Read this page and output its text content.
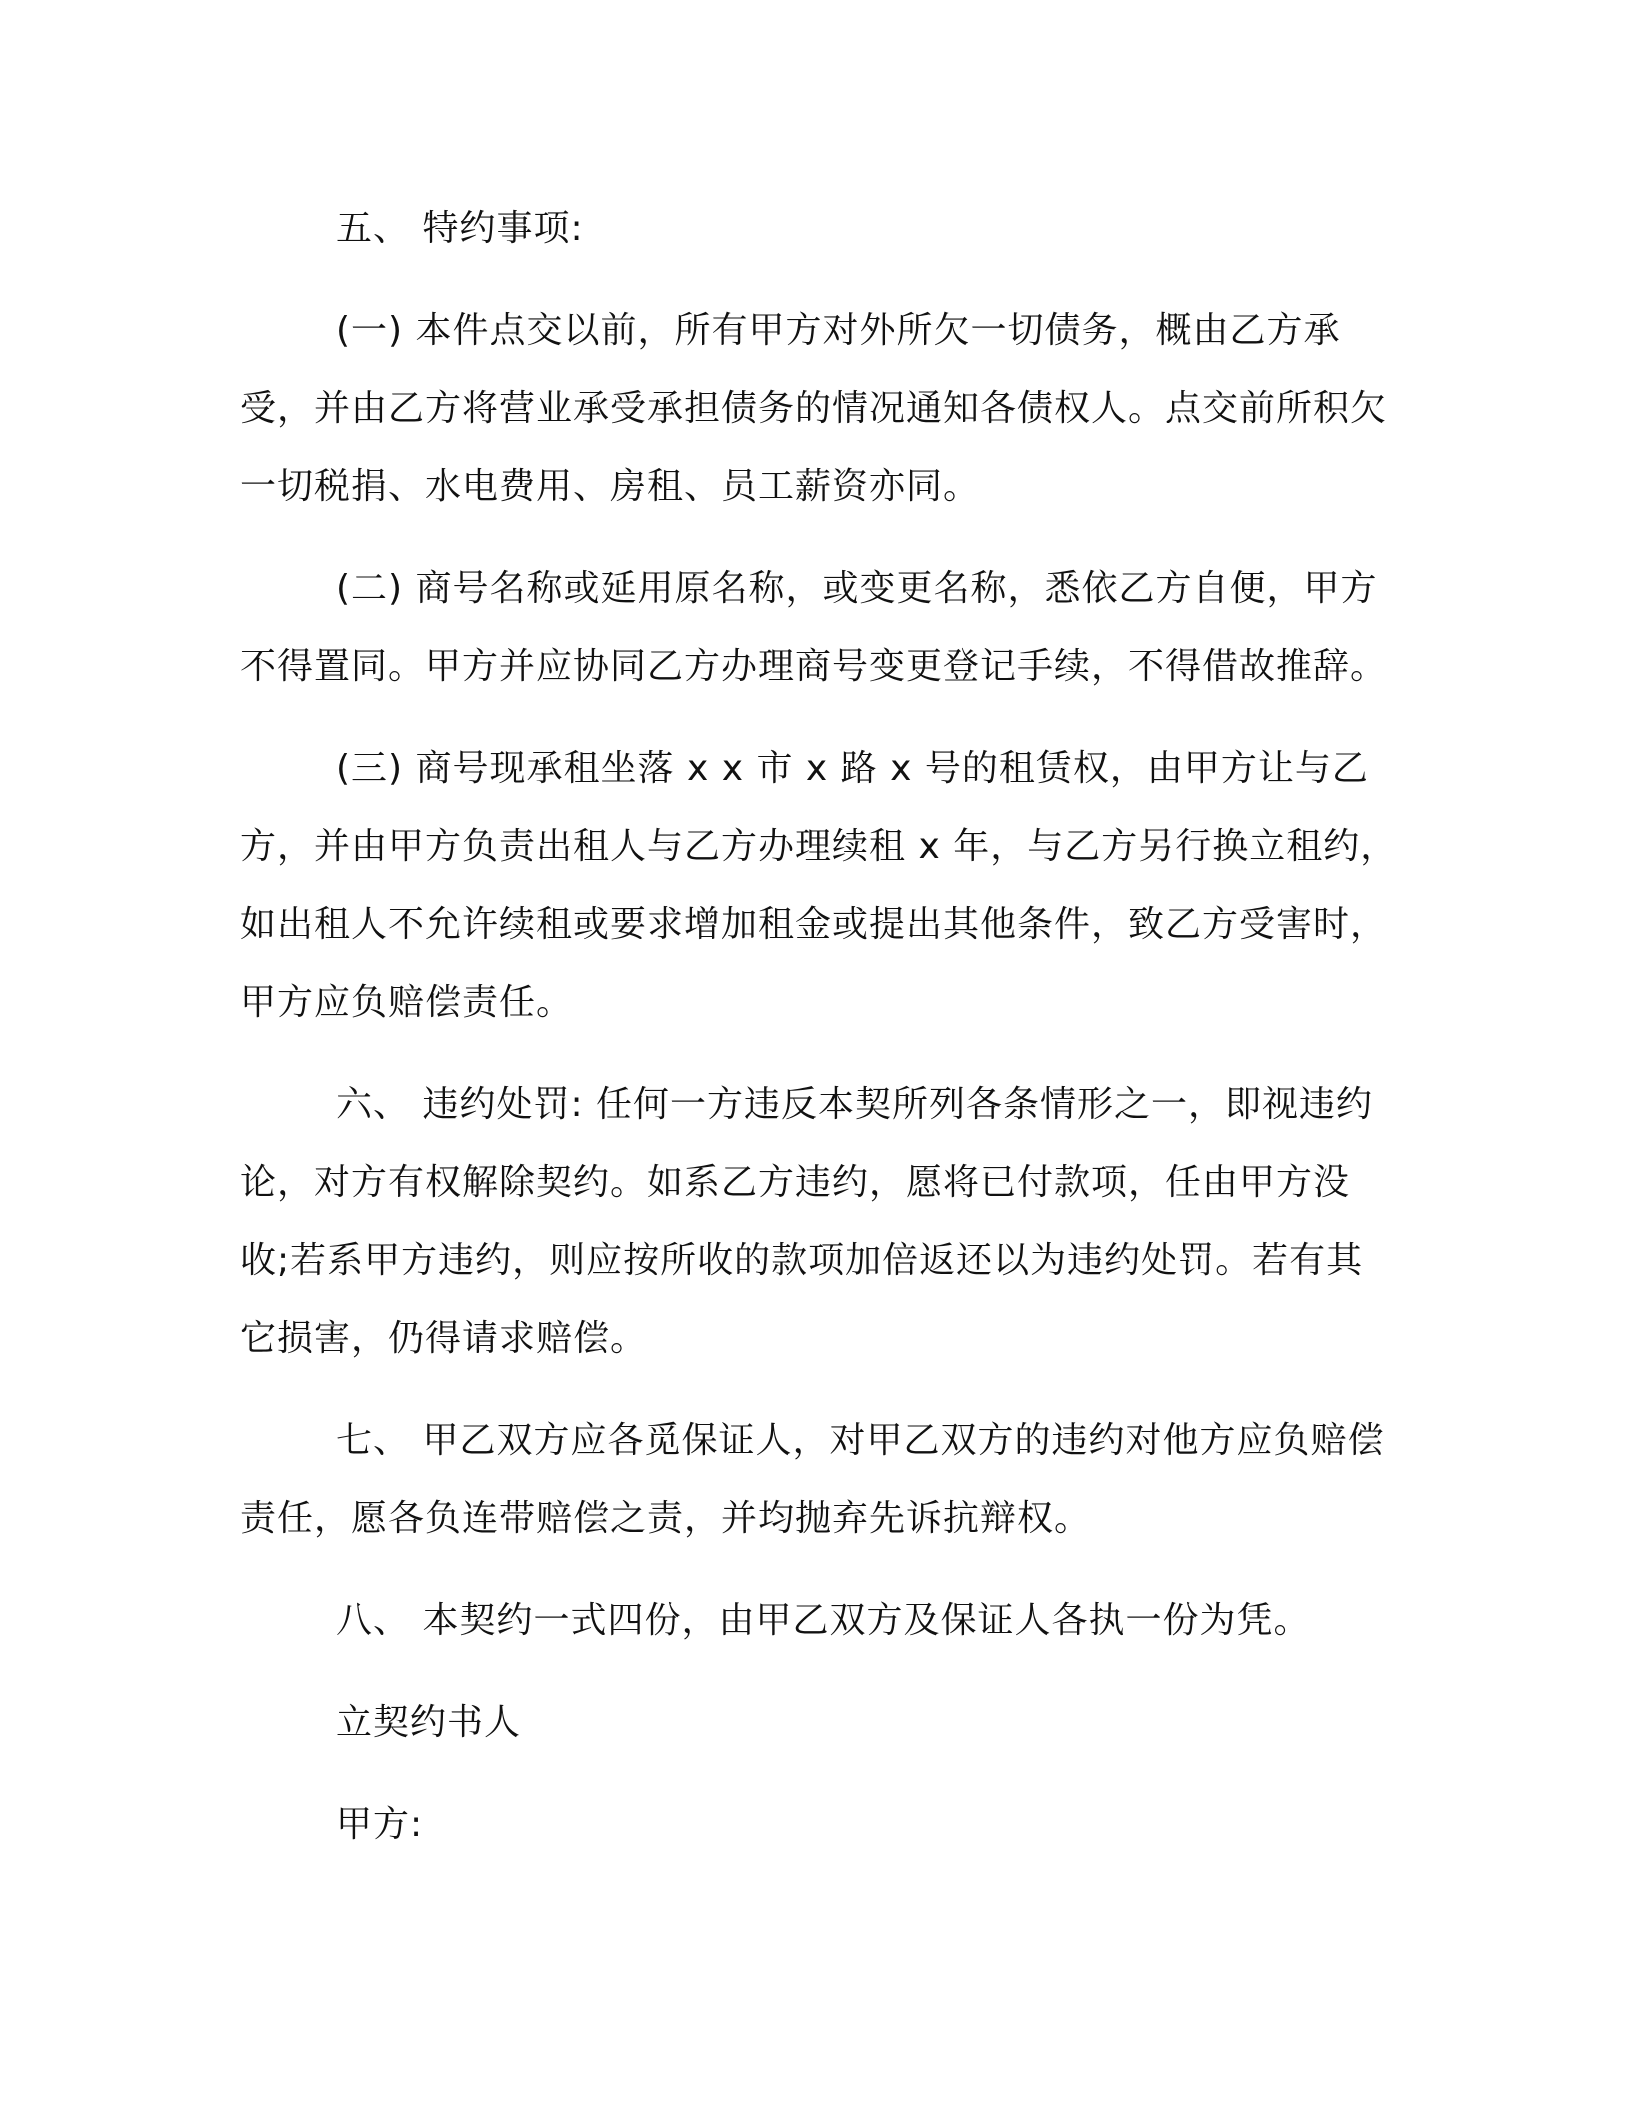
五、 特约事项:

(一) 本件点交以前，所有甲方对外所欠一切债务，概由乙方承受，并由乙方将营业承受承担债务的情况通知各债权人。点交前所积欠一切税捐、水电费用、房租、员工薪资亦同。

(二) 商号名称或延用原名称，或变更名称，悉依乙方自便，甲方不得置同。甲方并应协同乙方办理商号变更登记手续，不得借故推辞。

(三) 商号现承租坐落 x x 市 x 路 x 号的租赁权，由甲方让与乙方，并由甲方负责出租人与乙方办理续租 x 年，与乙方另行换立租约，如出租人不允许续租或要求增加租金或提出其他条件，致乙方受害时，甲方应负赔偿责任。

六、 违约处罚: 任何一方违反本契所列各条情形之一，即视违约论，对方有权解除契约。如系乙方违约，愿将已付款项，任由甲方没收;若系甲方违约，则应按所收的款项加倍返还以为违约处罚。若有其它损害，仍得请求赔偿。

七、 甲乙双方应各觅保证人，对甲乙双方的违约对他方应负赔偿责任，愿各负连带赔偿之责，并均抛弃先诉抗辩权。

八、 本契约一式四份，由甲乙双方及保证人各执一份为凭。

立契约书人

甲方:
